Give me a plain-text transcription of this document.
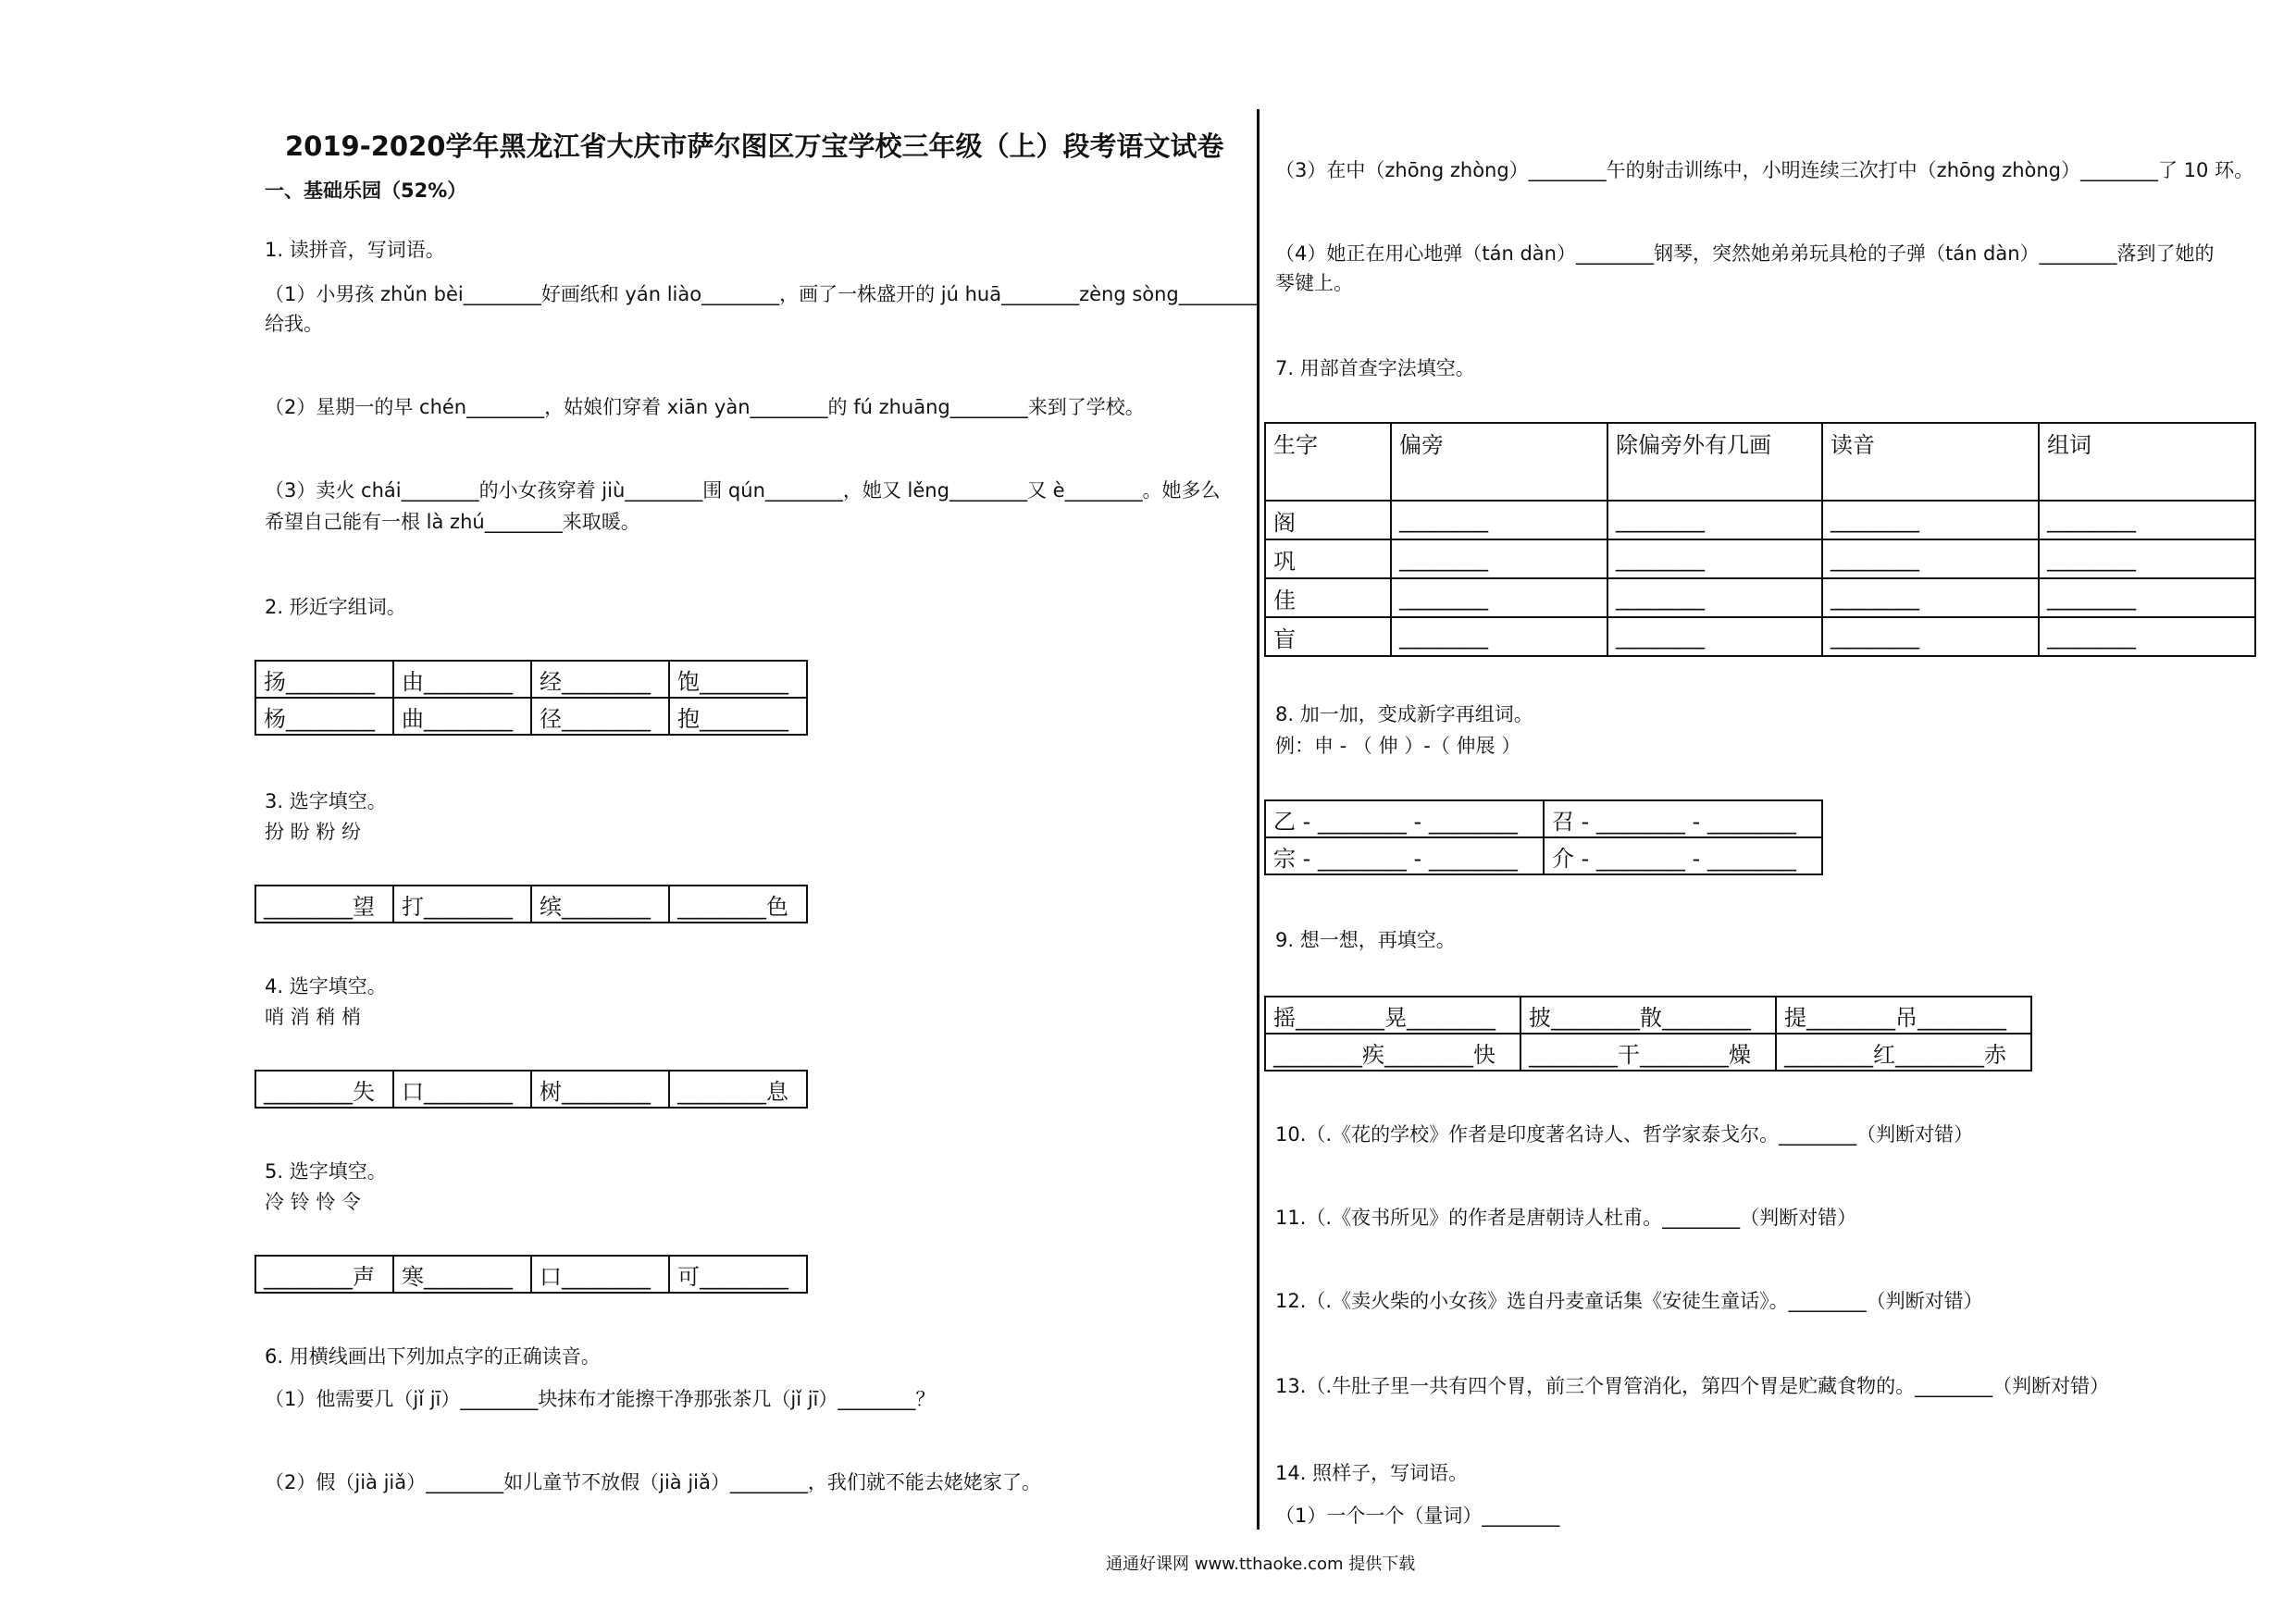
2019-2020学年黑龙江省大庆市萨尔图区万宝学校三年级（上）段考语文试卷
一、基础乐园（52%）
1. 读拼音，写词语。
（1）小男孩 zhǔn bèi________好画纸和 yán liào________，画了一株盛开的 jú huā________zèng sòng________
给我。
（2）星期一的早 chén________，姑娘们穿着 xiān yàn________的 fú zhuāng________来到了学校。
（3）卖火 chái________的小女孩穿着 jiù________围 qún________，她又 lěng________又 è________。她多么
希望自己能有一根 là zhú________来取暖。
2. 形近字组词。
扬________	由________	经________	饱________
杨________	曲________	径________	抱________
3. 选字填空。
扮 盼 粉 纷
________望	打________	缤________	________色
4. 选字填空。
哨 消 稍 梢
________失	口________	树________	________息
5. 选字填空。
冷 铃 怜 令
________声	寒________	口________	可________
6. 用横线画出下列加点字的正确读音。
（1）他需要几（jǐ jī）________块抹布才能擦干净那张茶几（jǐ jī）________？
（2）假（jià jiǎ）________如儿童节不放假（jià jiǎ）________，我们就不能去姥姥家了。
（3）在中（zhōng zhòng）________午的射击训练中，小明连续三次打中（zhōng zhòng）________了 10 环。
（4）她正在用心地弹（tán dàn）________钢琴，突然她弟弟玩具枪的子弹（tán dàn）________落到了她的
琴键上。
7. 用部首查字法填空。
生字	偏旁	除偏旁外有几画	读音	组词
阁	________	________	________	________
巩	________	________	________	________
佳	________	________	________	________
盲	________	________	________	________
8. 加一加，变成新字再组词。
例：申 - （ 伸 ）-（ 伸展 ）
乙 - ________ - ________	召 - ________ - ________
宗 - ________ - ________	介 - ________ - ________
9. 想一想，再填空。
摇________晃________	披________散________	提________吊________
________疾________快	________干________燥	________红________赤
10.（.《花的学校》作者是印度著名诗人、哲学家泰戈尔。________（判断对错）
11.（.《夜书所见》的作者是唐朝诗人杜甫。________（判断对错）
12.（.《卖火柴的小女孩》选自丹麦童话集《安徒生童话》。________（判断对错）
13.（.牛肚子里一共有四个胃，前三个胃管消化，第四个胃是贮藏食物的。________（判断对错）
14. 照样子，写词语。
（1）一个一个（量词）________
通通好课网 www.tthaoke.com 提供下载
